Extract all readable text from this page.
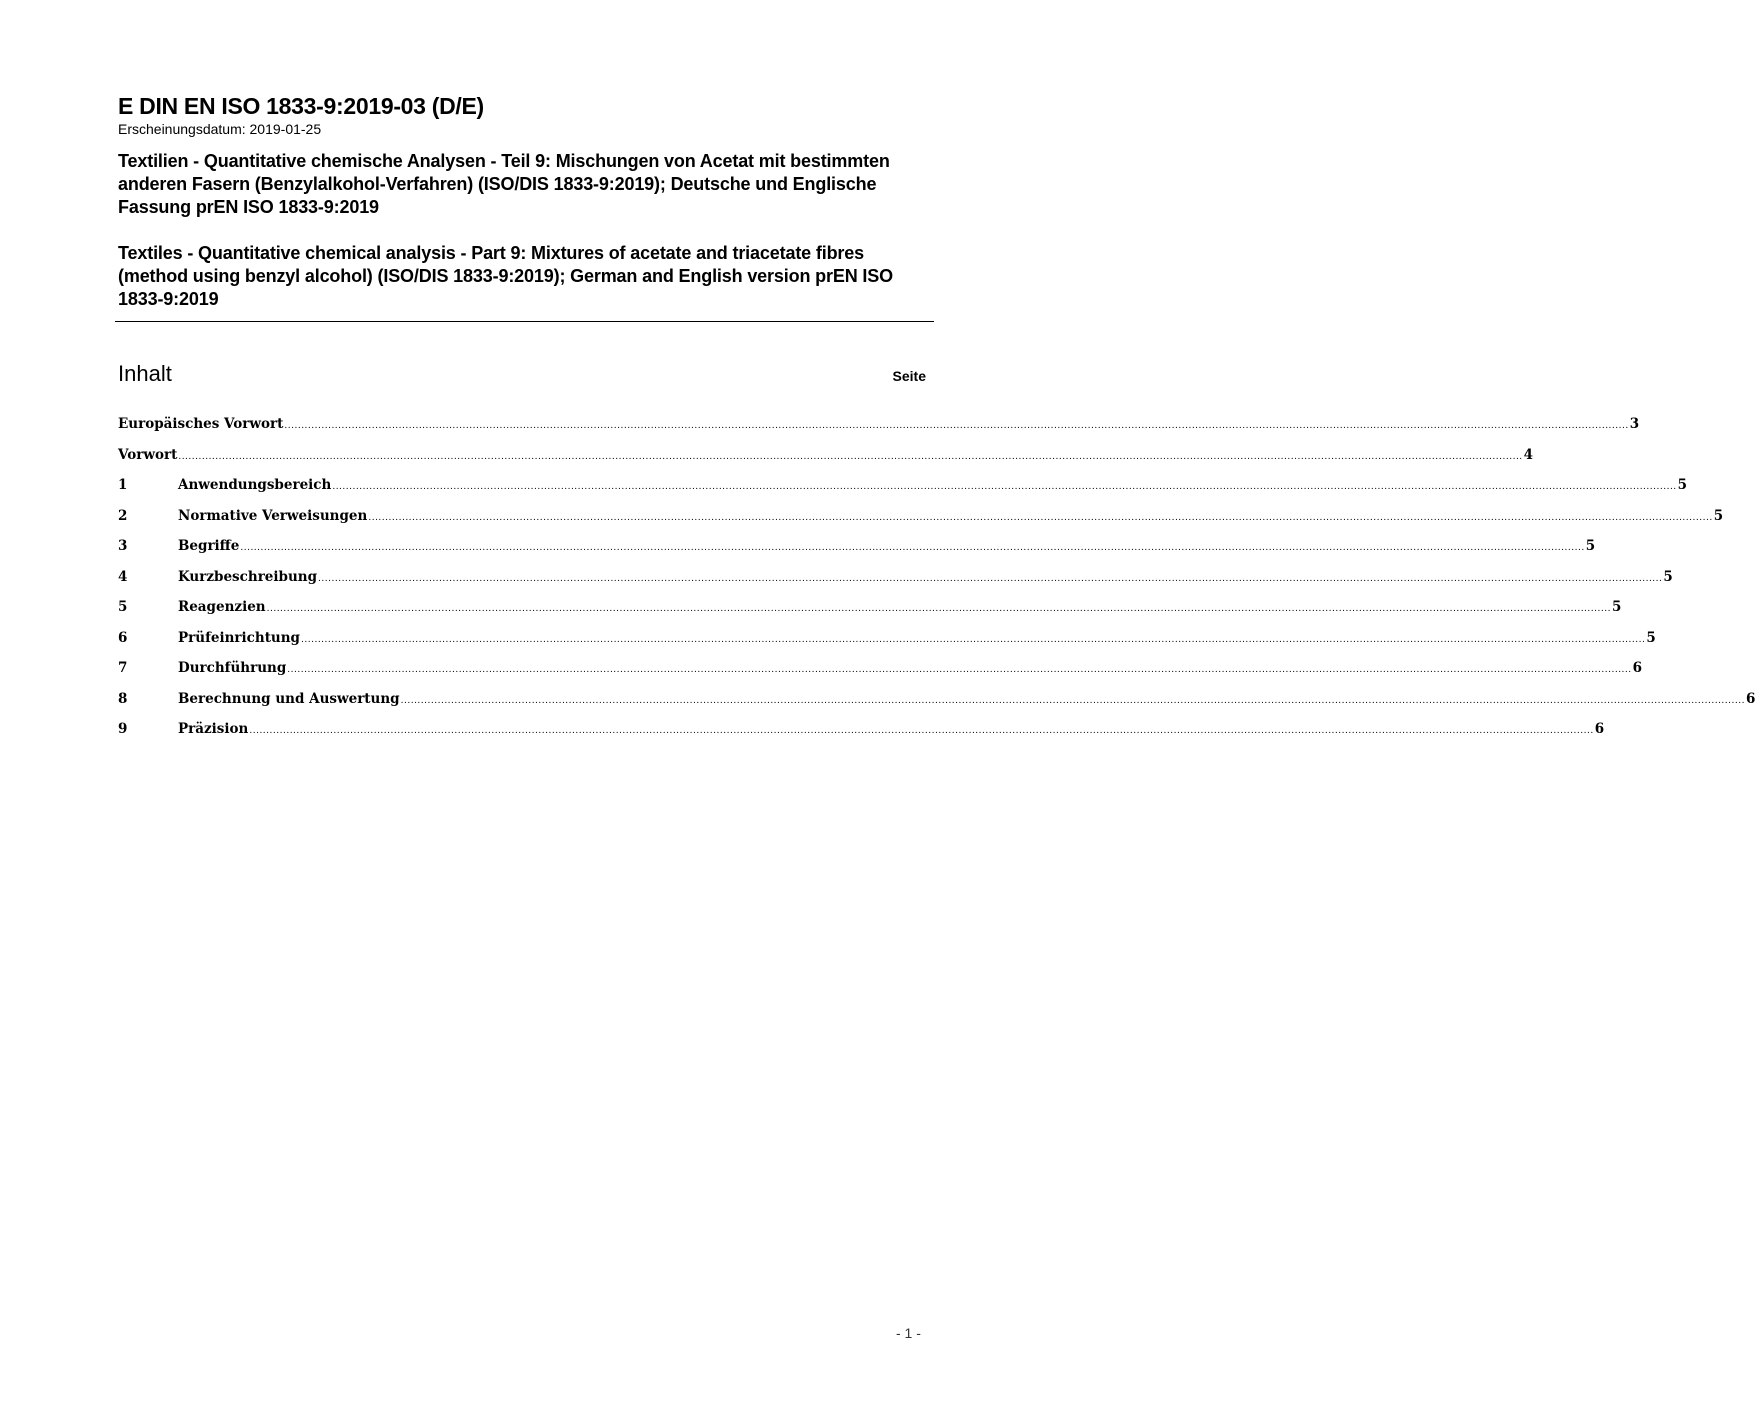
E DIN EN ISO 1833-9:2019-03 (D/E)

Erscheinungsdatum: 2019-01-25

Textilien - Quantitative chemische Analysen - Teil 9: Mischungen von Acetat mit bestimmten anderen Fasern (Benzylalkohol-Verfahren) (ISO/DIS 1833-9:2019); Deutsche und Englische Fassung prEN ISO 1833-9:2019

Textiles - Quantitative chemical analysis - Part 9: Mixtures of acetate and triacetate fibres (method using benzyl alcohol) (ISO/DIS 1833-9:2019); German and English version prEN ISO 1833-9:2019

Inhalt	Seite
Europäisches Vorwort ................................................................................................................................................................................................................................................................................................................................................................................................................ 3
Vorwort ................................................................................................................................................................................................................................................................................................................................................................................................................ 4
1	Anwendungsbereich ................................................................................................................................................................................................................................................................................................................................................................................................................ 5
2	Normative Verweisungen ................................................................................................................................................................................................................................................................................................................................................................................................................ 5
3	Begriffe ................................................................................................................................................................................................................................................................................................................................................................................................................ 5
4	Kurzbeschreibung ................................................................................................................................................................................................................................................................................................................................................................................................................ 5
5	Reagenzien ................................................................................................................................................................................................................................................................................................................................................................................................................ 5
6	Prüfeinrichtung ................................................................................................................................................................................................................................................................................................................................................................................................................ 5
7	Durchführung ................................................................................................................................................................................................................................................................................................................................................................................................................ 6
8	Berechnung und Auswertung ................................................................................................................................................................................................................................................................................................................................................................................................................ 6
9	Präzision ................................................................................................................................................................................................................................................................................................................................................................................................................ 6
- 1 -
